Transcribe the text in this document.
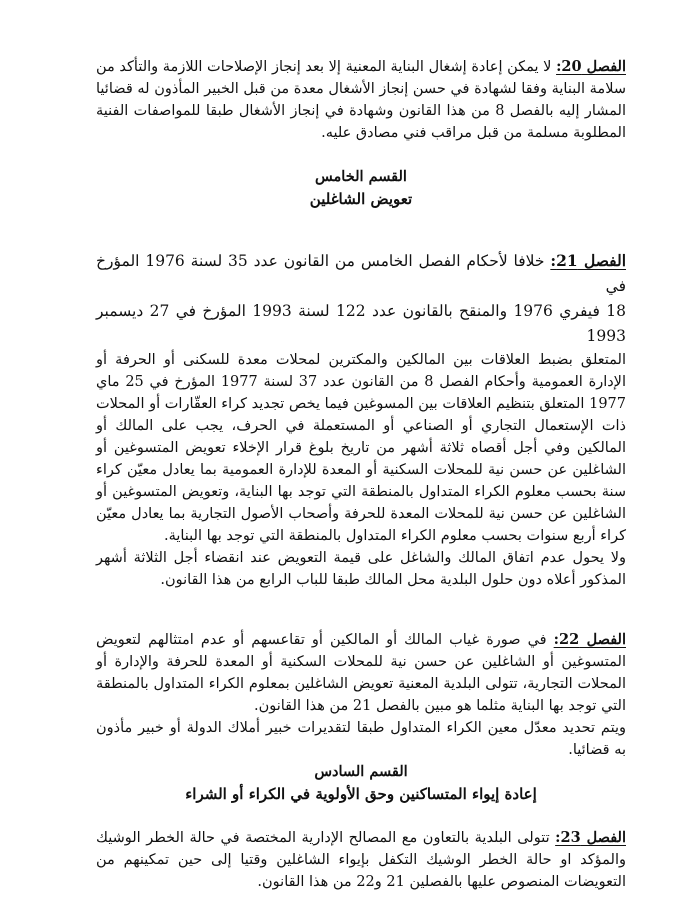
الفصل 20: لا يمكن إعادة إشغال البناية المعنية إلا بعد إنجاز الإصلاحات اللازمة والتأكد من سلامة البناية وفقا لشهادة في حسن إنجاز الأشغال معدة من قبل الخبير المأذون له قضائيا المشار إليه بالفصل 8 من هذا القانون وشهادة في إنجاز الأشغال طبقا للمواصفات الفنية المطلوبة مسلمة من قبل مراقب فني مصادق عليه.

القسم الخامس

تعويض الشاغلين

الفصل 21: خلافا لأحكام الفصل الخامس من القانون عدد 35 لسنة 1976 المؤرخ في

18 فيفري 1976 والمنقح بالقانون عدد 122 لسنة 1993 المؤرخ في 27 ديسمبر 1993

المتعلق بضبط العلاقات بين المالكين والمكترين لمحلات معدة للسكنى أو الحرفة أو الإدارة العمومية وأحكام الفصل 8 من القانون عدد 37 لسنة 1977 المؤرخ في 25 ماي 1977 المتعلق بتنظيم العلاقات بين المسوغين فيما يخص تجديد كراء العقّارات أو المحلات ذات الإستعمال التجاري أو الصناعي أو المستعملة في الحرف، يجب على المالك أو المالكين وفي أجل أقصاه ثلاثة أشهر من تاريخ بلوغ قرار الإخلاء تعويض المتسوغين أو الشاغلين عن حسن نية للمحلات السكنية أو المعدة للإدارة العمومية بما يعادل معيّن كراء سنة بحسب معلوم الكراء المتداول بالمنطقة التي توجد بها البناية، وتعويض المتسوغين أو الشاغلين عن حسن نية للمحلات المعدة للحرفة وأصحاب الأصول التجارية بما يعادل معيّن كراء أربع سنوات بحسب معلوم الكراء المتداول بالمنطقة التي توجد بها البناية.

ولا يحول عدم اتفاق المالك والشاغل على قيمة التعويض عند انقضاء أجل الثلاثة أشهر المذكور أعلاه دون حلول البلدية محل المالك طبقا للباب الرابع من هذا القانون.

الفصل 22: في صورة غياب المالك أو المالكين أو تقاعسهم أو عدم امتثالهم لتعويض المتسوغين أو الشاغلين عن حسن نية للمحلات السكنية أو المعدة للحرفة والإدارة أو المحلات التجارية، تتولى البلدية المعنية تعويض الشاغلين بمعلوم الكراء المتداول بالمنطقة التي توجد بها البناية مثلما هو مبين بالفصل 21 من هذا القانون.

ويتم تحديد معدّل معين الكراء المتداول طبقا لتقديرات خبير أملاك الدولة أو خبير مأذون به قضائيا.

القسم السادس

إعادة إيواء المتساكنين وحق الأولوية في الكراء أو الشراء

الفصل 23: تتولى البلدية بالتعاون مع المصالح الإدارية المختصة في حالة الخطر الوشيك والمؤكد او حالة الخطر الوشيك التكفل بإيواء الشاغلين وقتيا إلى حين تمكينهم من التعويضات المنصوص عليها بالفصلين 21 و22 من هذا القانون.
